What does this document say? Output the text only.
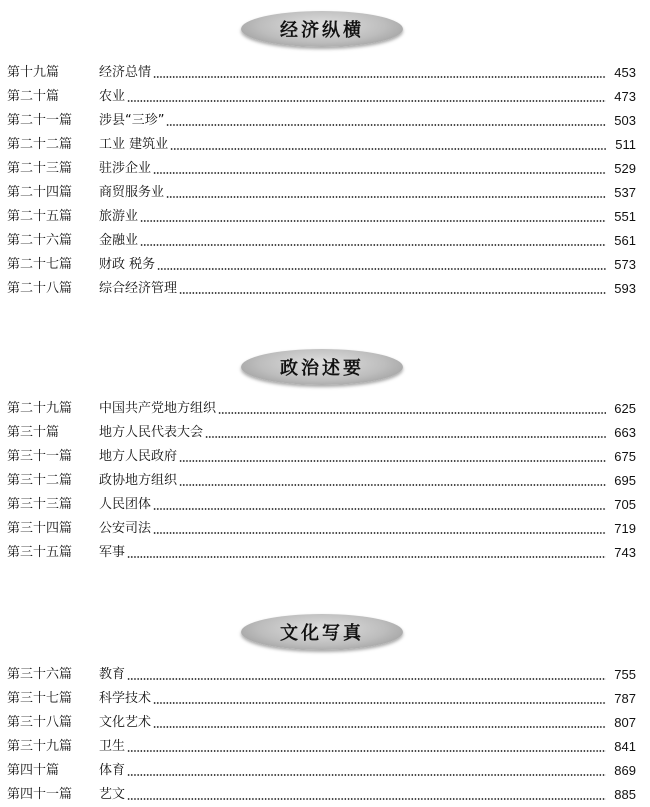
经济纵横
第十九篇	经济总情	453
第二十篇	农业	473
第二十一篇	涉县“三珍”	503
第二十二篇	工业 建筑业	511
第二十三篇	驻涉企业	529
第二十四篇	商贸服务业	537
第二十五篇	旅游业	551
第二十六篇	金融业	561
第二十七篇	财政 税务	573
第二十八篇	综合经济管理	593
政治述要
第二十九篇	中国共产党地方组织	625
第三十篇	地方人民代表大会	663
第三十一篇	地方人民政府	675
第三十二篇	政协地方组织	695
第三十三篇	人民团体	705
第三十四篇	公安司法	719
第三十五篇	军事	743
文化写真
第三十六篇	教育	755
第三十七篇	科学技术	787
第三十八篇	文化艺术	807
第三十九篇	卫生	841
第四十篇	体育	869
第四十一篇	艺文	885
